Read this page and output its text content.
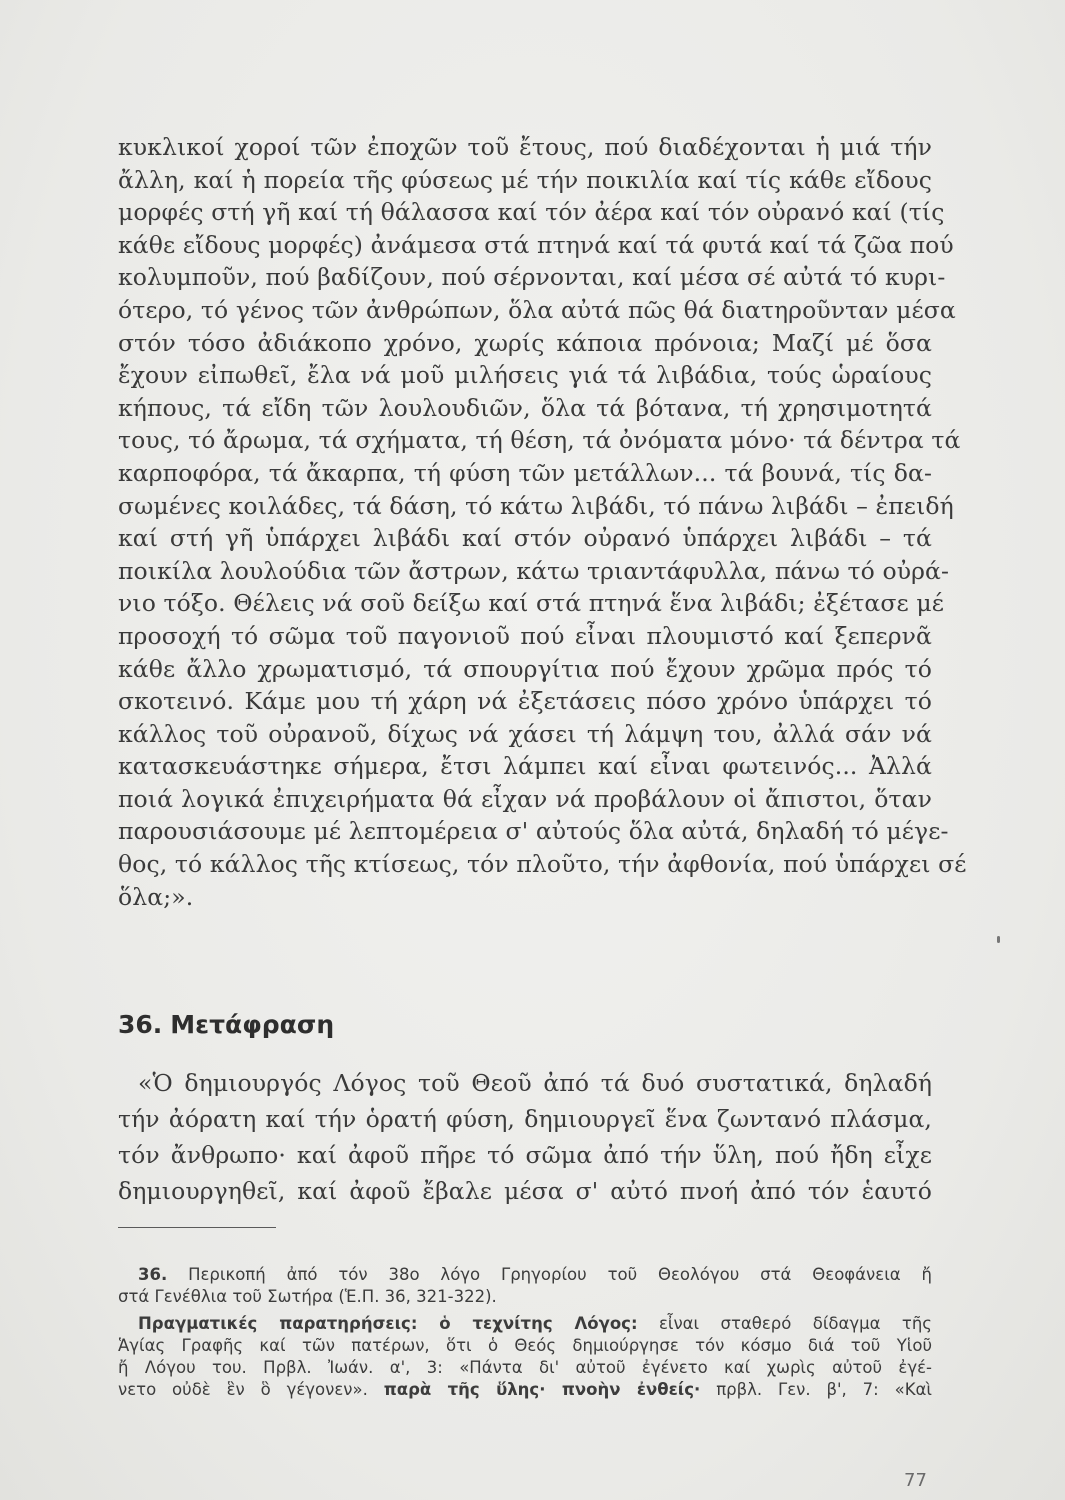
κυκλικοί χοροί τῶν ἐποχῶν τοῦ ἔτους, πού διαδέχονται ἡ μιά τήν
ἄλλη, καί ἡ πορεία τῆς φύσεως μέ τήν ποικιλία καί τίς κάθε εἴδους
μορφές στή γῆ καί τή θάλασσα καί τόν ἀέρα καί τόν οὐρανό καί (τίς
κάθε εἴδους μορφές) ἀνάμεσα στά πτηνά καί τά φυτά καί τά ζῶα πού
κολυμποῦν, πού βαδίζουν, πού σέρνονται, καί μέσα σέ αὐτά τό κυρι-
ότερο, τό γένος τῶν ἀνθρώπων, ὅλα αὐτά πῶς θά διατηροῦνταν μέσα
στόν τόσο ἀδιάκοπο χρόνο, χωρίς κάποια πρόνοια; Μαζί μέ ὅσα
ἔχουν εἰπωθεῖ, ἔλα νά μοῦ μιλήσεις γιά τά λιβάδια, τούς ὡραίους
κήπους, τά εἴδη τῶν λουλουδιῶν, ὅλα τά βότανα, τή χρησιμοτητά
τους, τό ἄρωμα, τά σχήματα, τή θέση, τά ὀνόματα μόνο· τά δέντρα τά
καρποφόρα, τά ἄκαρπα, τή φύση τῶν μετάλλων... τά βουνά, τίς δα-
σωμένες κοιλάδες, τά δάση, τό κάτω λιβάδι, τό πάνω λιβάδι – ἐπειδή
καί στή γῆ ὑπάρχει λιβάδι καί στόν οὐρανό ὑπάρχει λιβάδι – τά
ποικίλα λουλούδια τῶν ἄστρων, κάτω τριαντάφυλλα, πάνω τό οὐρά-
νιο τόξο. Θέλεις νά σοῦ δείξω καί στά πτηνά ἕνα λιβάδι; ἐξέτασε μέ
προσοχή τό σῶμα τοῦ παγονιοῦ πού εἶναι πλουμιστό καί ξεπερνᾶ
κάθε ἄλλο χρωματισμό, τά σπουργίτια πού ἔχουν χρῶμα πρός τό
σκοτεινό. Κάμε μου τή χάρη νά ἐξετάσεις πόσο χρόνο ὑπάρχει τό
κάλλος τοῦ οὐρανοῦ, δίχως νά χάσει τή λάμψη του, ἀλλά σάν νά
κατασκευάστηκε σήμερα, ἔτσι λάμπει καί εἶναι φωτεινός... Ἀλλά
ποιά λογικά ἐπιχειρήματα θά εἶχαν νά προβάλουν οἱ ἄπιστοι, ὅταν
παρουσιάσουμε μέ λεπτομέρεια σ' αὐτούς ὅλα αὐτά, δηλαδή τό μέγε-
θος, τό κάλλος τῆς κτίσεως, τόν πλοῦτο, τήν ἀφθονία, πού ὑπάρχει σέ
ὅλα;».
36. Μετάφραση
«Ὁ δημιουργός Λόγος τοῦ Θεοῦ ἀπό τά δυό συστατικά, δηλαδή
τήν ἀόρατη καί τήν ὁρατή φύση, δημιουργεῖ ἕνα ζωντανό πλάσμα,
τόν ἄνθρωπο· καί ἀφοῦ πῆρε τό σῶμα ἀπό τήν ὕλη, πού ἤδη εἶχε
δημιουργηθεῖ, καί ἀφοῦ ἔβαλε μέσα σ' αὐτό πνοή ἀπό τόν ἑαυτό
36. Περικοπή ἀπό τόν 38ο λόγο Γρηγορίου τοῦ Θεολόγου στά Θεοφάνεια ἤ
στά Γενέθλια τοῦ Σωτήρα (Ἑ.Π. 36, 321-322).
Πραγματικές παρατηρήσεις: ὁ τεχνίτης Λόγος: εἶναι σταθερό δίδαγμα τῆς
Ἁγίας Γραφῆς καί τῶν πατέρων, ὅτι ὁ Θεός δημιούργησε τόν κόσμο διά τοῦ Υἱοῦ
ἤ Λόγου του. Πρβλ. Ἰωάν. α', 3: «Πάντα δι' αὐτοῦ ἐγένετο καί χωρὶς αὐτοῦ ἐγέ-
νετο οὐδὲ ἓν ὃ γέγονεν». παρὰ τῆς ὕλης· πνοὴν ἐνθείς· πρβλ. Γεν. β', 7: «Καὶ
77
